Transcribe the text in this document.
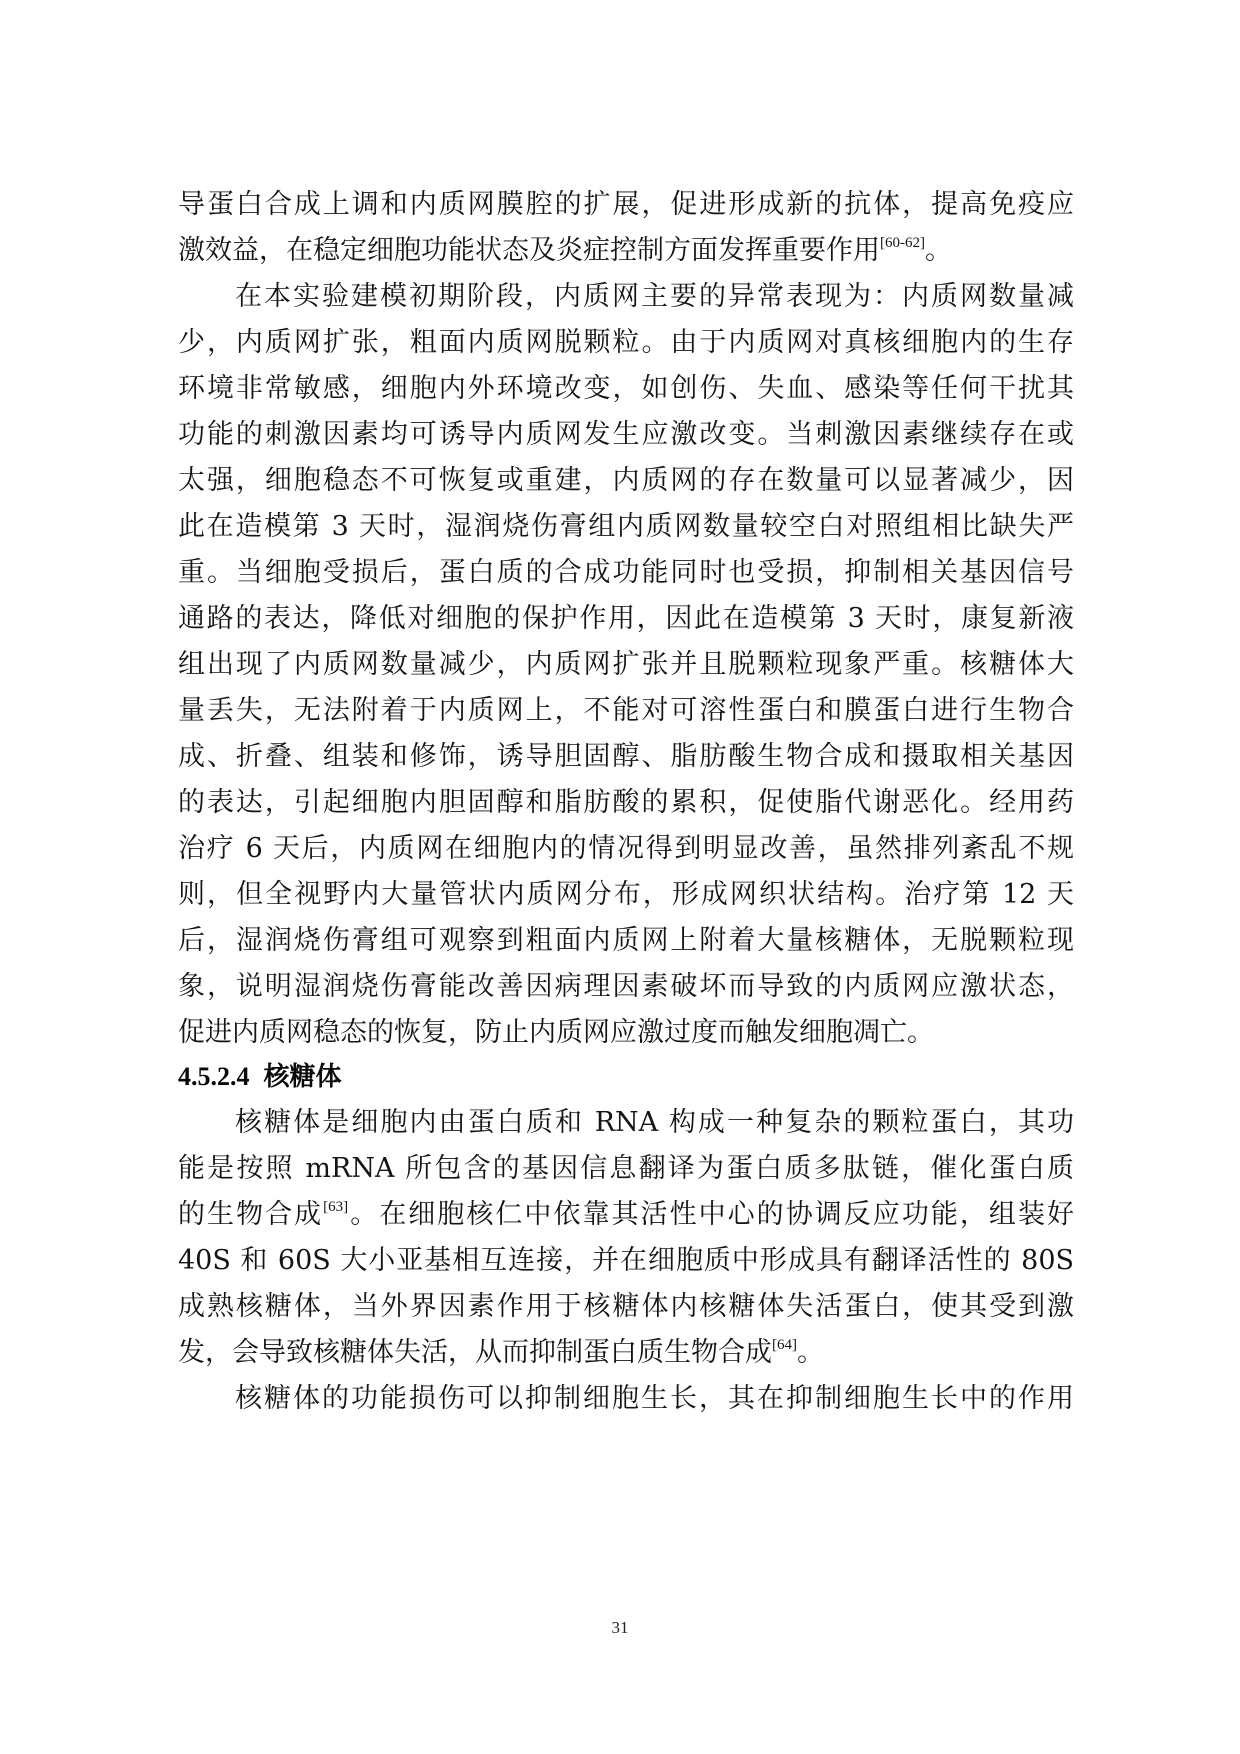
导蛋白合成上调和内质网膜腔的扩展，促进形成新的抗体，提高免疫应
激效益，在稳定细胞功能状态及炎症控制方面发挥重要作用[60-62]。
在本实验建模初期阶段，内质网主要的异常表现为：内质网数量减
少，内质网扩张，粗面内质网脱颗粒。由于内质网对真核细胞内的生存
环境非常敏感，细胞内外环境改变，如创伤、失血、感染等任何干扰其
功能的刺激因素均可诱导内质网发生应激改变。当刺激因素继续存在或
太强，细胞稳态不可恢复或重建，内质网的存在数量可以显著减少，因
此在造模第 3 天时，湿润烧伤膏组内质网数量较空白对照组相比缺失严
重。当细胞受损后，蛋白质的合成功能同时也受损，抑制相关基因信号
通路的表达，降低对细胞的保护作用，因此在造模第 3 天时，康复新液
组出现了内质网数量减少，内质网扩张并且脱颗粒现象严重。核糖体大
量丢失，无法附着于内质网上，不能对可溶性蛋白和膜蛋白进行生物合
成、折叠、组装和修饰，诱导胆固醇、脂肪酸生物合成和摄取相关基因
的表达，引起细胞内胆固醇和脂肪酸的累积，促使脂代谢恶化。经用药
治疗 6 天后，内质网在细胞内的情况得到明显改善，虽然排列紊乱不规
则，但全视野内大量管状内质网分布，形成网织状结构。治疗第 12 天
后，湿润烧伤膏组可观察到粗面内质网上附着大量核糖体，无脱颗粒现
象，说明湿润烧伤膏能改善因病理因素破坏而导致的内质网应激状态，
促进内质网稳态的恢复，防止内质网应激过度而触发细胞凋亡。
4.5.2.4 核糖体
核糖体是细胞内由蛋白质和 RNA 构成一种复杂的颗粒蛋白，其功
能是按照 mRNA 所包含的基因信息翻译为蛋白质多肽链，催化蛋白质
的生物合成[63]。在细胞核仁中依靠其活性中心的协调反应功能，组装好
40S 和 60S 大小亚基相互连接，并在细胞质中形成具有翻译活性的 80S
成熟核糖体，当外界因素作用于核糖体内核糖体失活蛋白，使其受到激
发，会导致核糖体失活，从而抑制蛋白质生物合成[64]。
核糖体的功能损伤可以抑制细胞生长，其在抑制细胞生长中的作用
31
